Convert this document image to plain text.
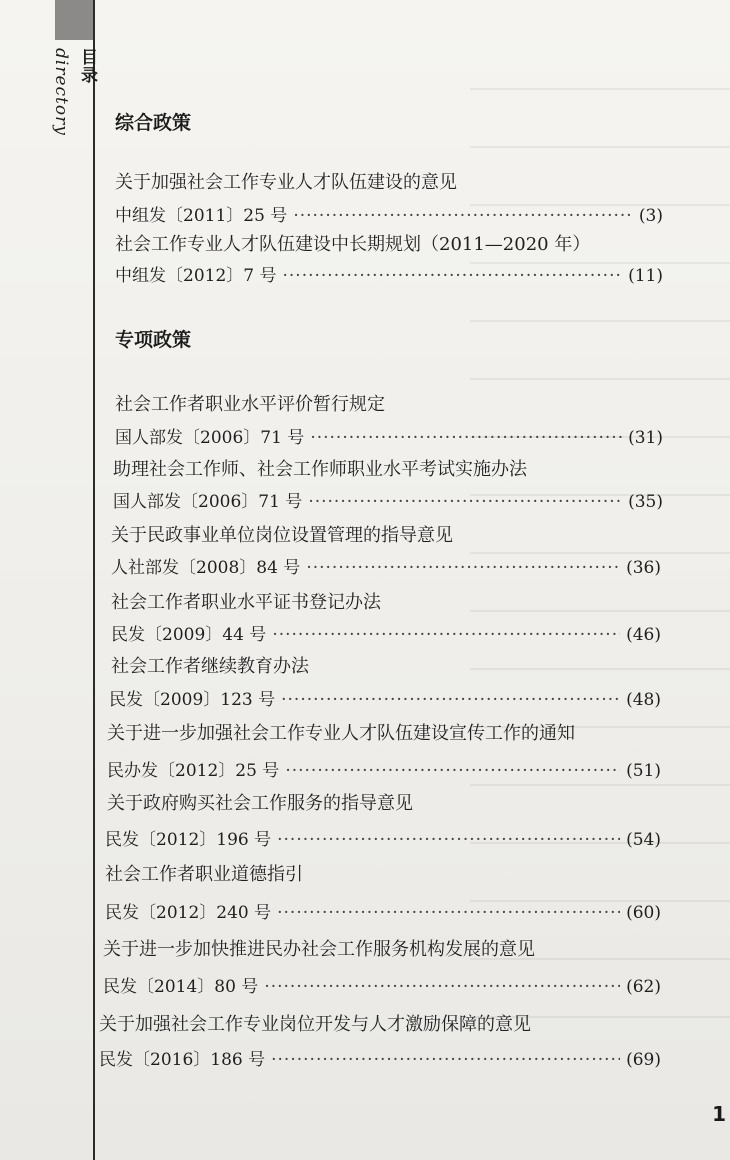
目录
directory 综合政策
关于加强社会工作专业人才队伍建设的意见
中组发〔2011〕25 号 ·····	(3)
社会工作专业人才队伍建设中长期规划（2011—2020 年）
中组发〔2012〕7 号 ·····	(11)
专项政策
社会工作者职业水平评价暂行规定
国人部发〔2006〕71 号 ·····	(31)
助理社会工作师、社会工作师职业水平考试实施办法
国人部发〔2006〕71 号 ·····	(35)
关于民政事业单位岗位设置管理的指导意见
人社部发〔2008〕84 号 ·····	(36)
社会工作者职业水平证书登记办法
民发〔2009〕44 号 ·····	(46)
社会工作者继续教育办法
民发〔2009〕123 号 ·····	(48)
关于进一步加强社会工作专业人才队伍建设宣传工作的通知
民办发〔2012〕25 号 ·····	(51)
关于政府购买社会工作服务的指导意见
民发〔2012〕196 号 ·····	(54)
社会工作者职业道德指引
民发〔2012〕240 号 ·····	(60)
关于进一步加快推进民办社会工作服务机构发展的意见
民发〔2014〕80 号 ·····	(62)
关于加强社会工作专业岗位开发与人才激励保障的意见
民发〔2016〕186 号 ·····	(69)
1
